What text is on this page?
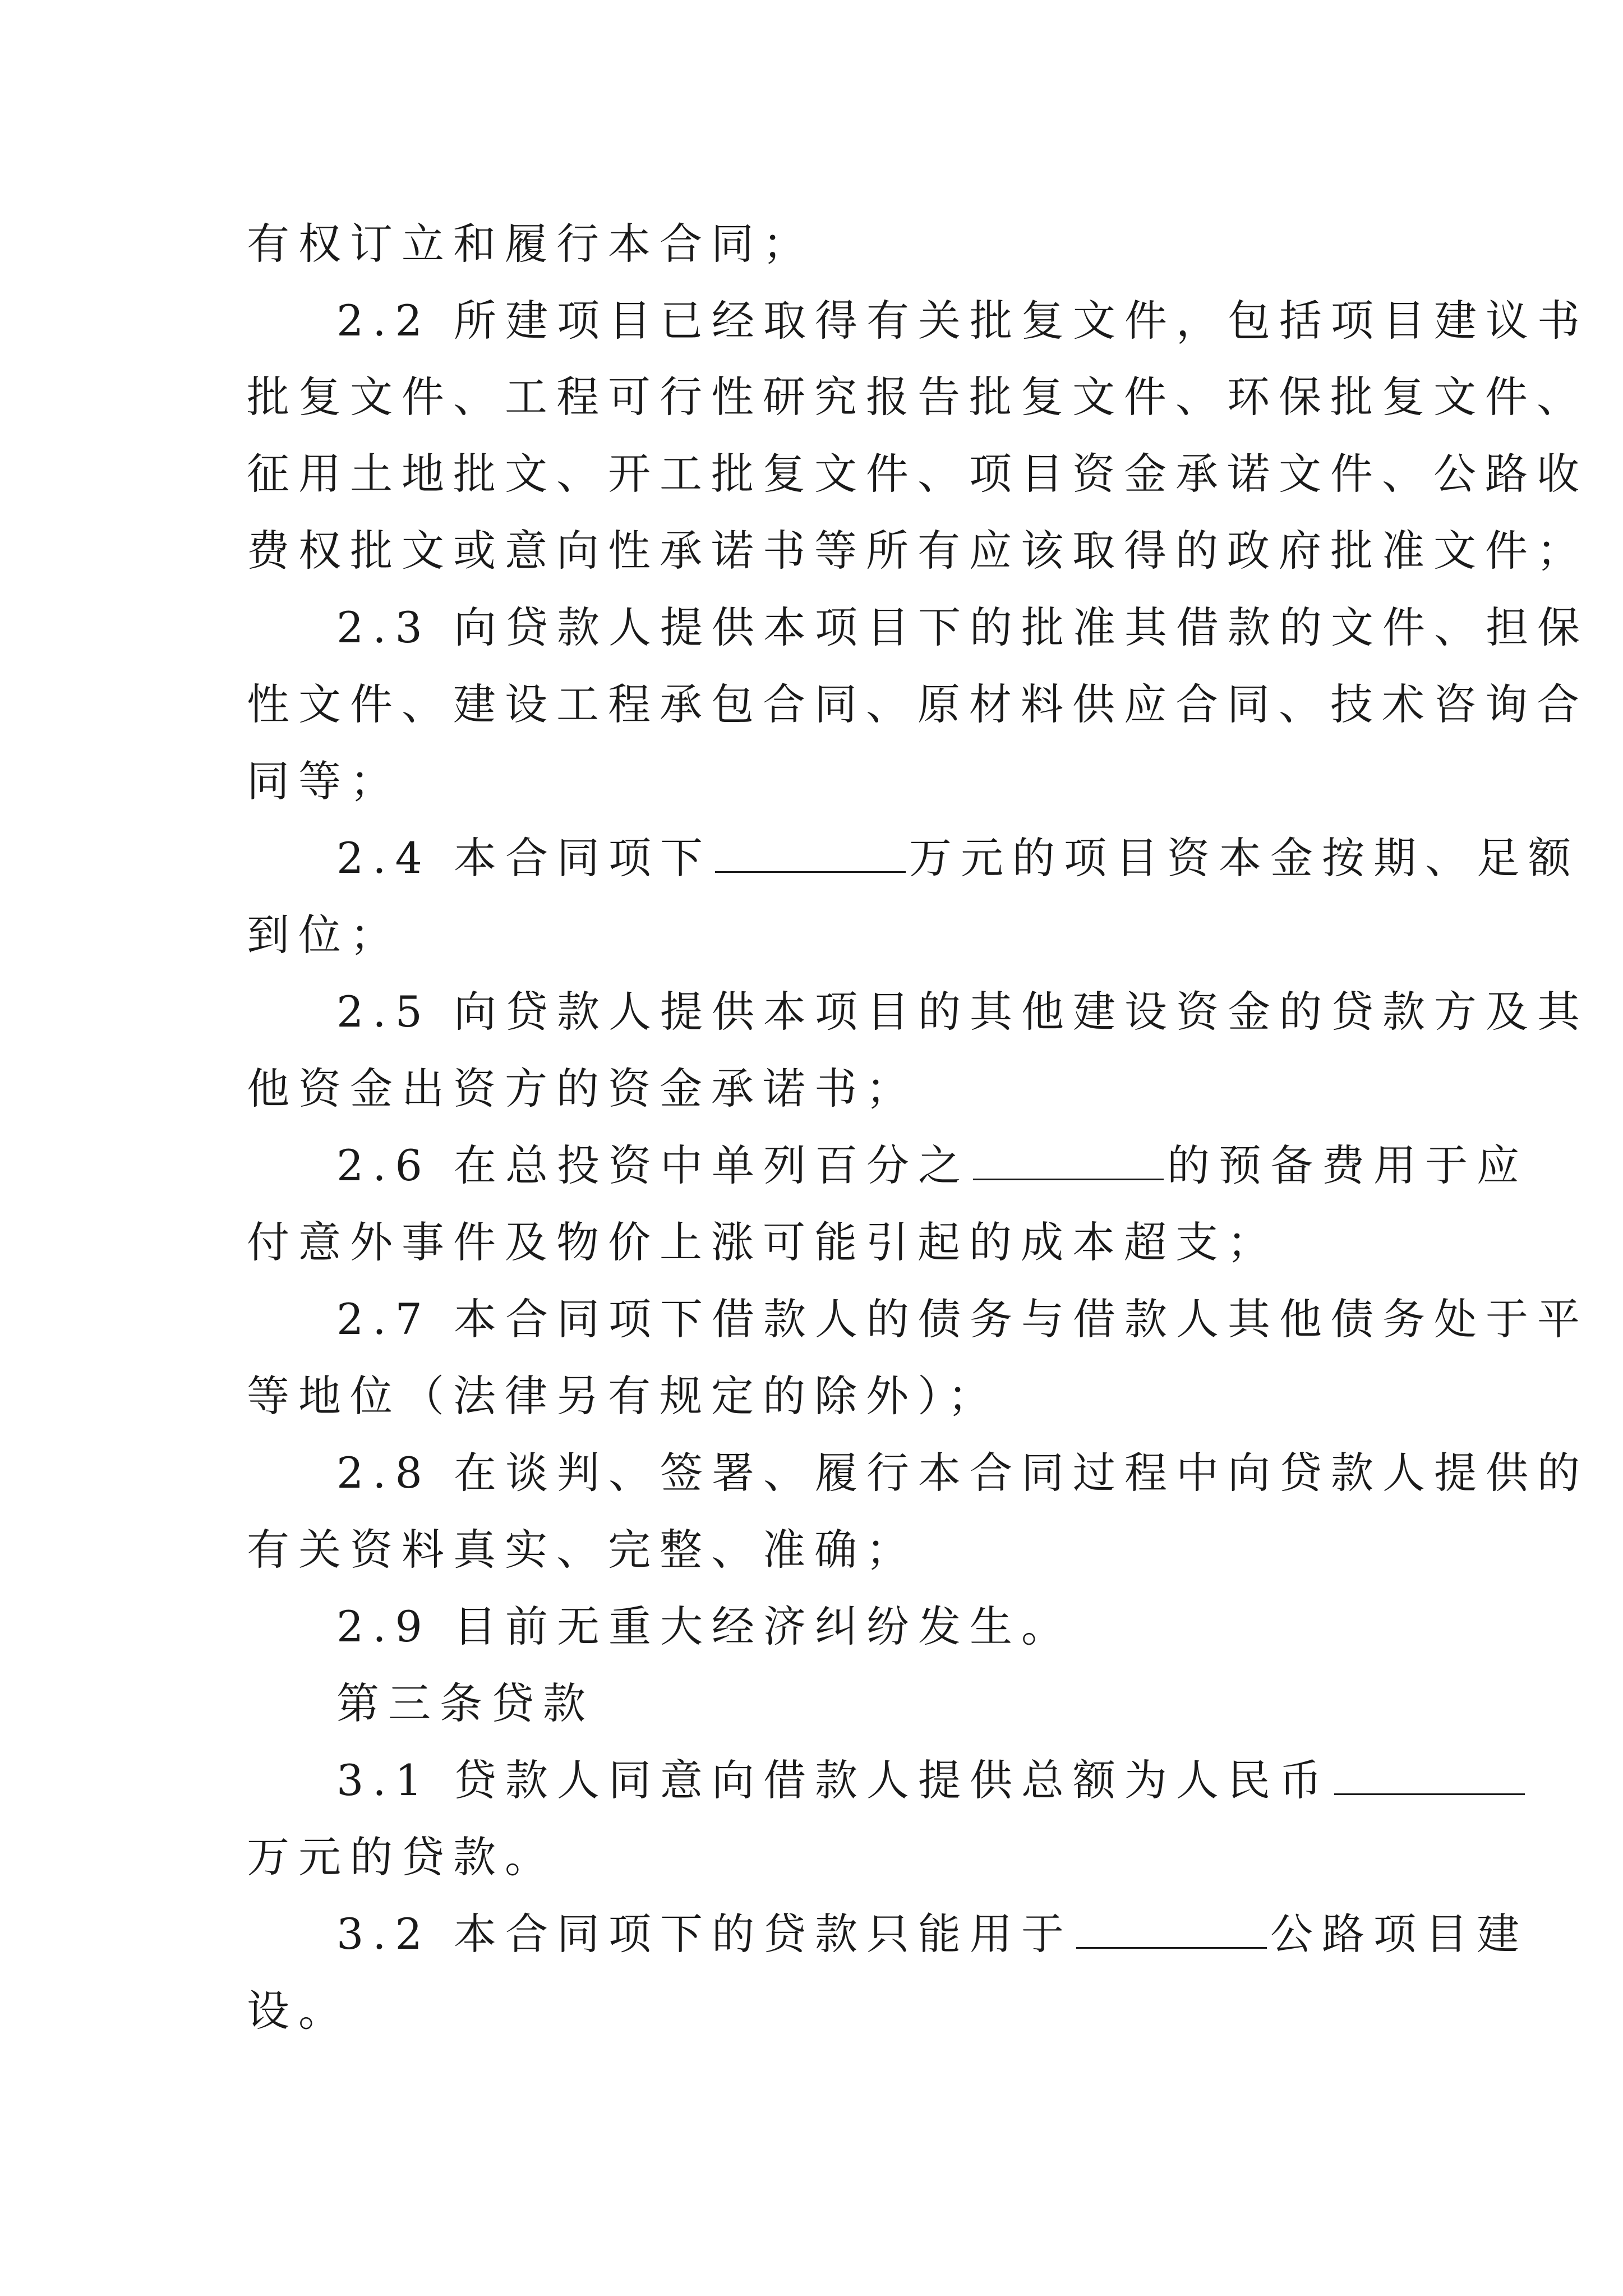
有权订立和履行本合同；
2.2 所建项目已经取得有关批复文件，包括项目建议书
批复文件、工程可行性研究报告批复文件、环保批复文件、
征用土地批文、开工批复文件、项目资金承诺文件、公路收
费权批文或意向性承诺书等所有应该取得的政府批准文件；
2.3 向贷款人提供本项目下的批准其借款的文件、担保
性文件、建设工程承包合同、原材料供应合同、技术咨询合
同等；
2.4 本合同项下	万元的项目资本金按期、足额
到位；
2.5 向贷款人提供本项目的其他建设资金的贷款方及其
他资金出资方的资金承诺书；
2.6 在总投资中单列百分之	的预备费用于应
付意外事件及物价上涨可能引起的成本超支；
2.7 本合同项下借款人的债务与借款人其他债务处于平
等地位（法律另有规定的除外）；
2.8 在谈判、签署、履行本合同过程中向贷款人提供的
有关资料真实、完整、准确；
2.9 目前无重大经济纠纷发生。
第三条贷款
3.1 贷款人同意向借款人提供总额为人民币
万元的贷款。
3.2 本合同项下的贷款只能用于	公路项目建
设。
